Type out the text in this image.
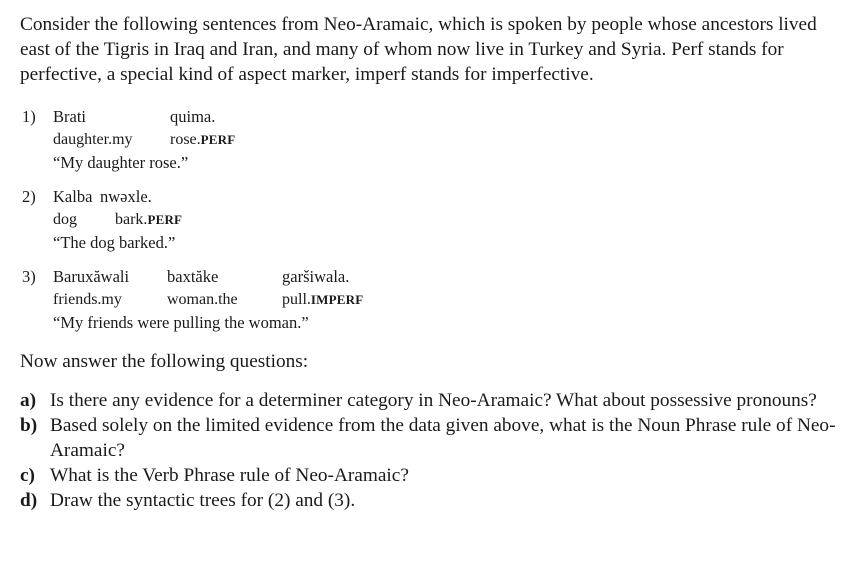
Consider the following sentences from Neo-Aramaic, which is spoken by people whose ancestors lived east of the Tigris in Iraq and Iran, and many of whom now live in Turkey and Syria. Perf stands for perfective, a special kind of aspect marker, imperf stands for imperfective.

1)	Brati	quima.
daughter.my rose.PERF
“My daughter rose.”
2)	Kalba nwəxle.
dog bark.PERF
“The dog barked.”
3)	Baruxăwali baxtăke	garšiwala.
friends.my	woman.the	pull.IMPERF
“My friends were pulling the woman.”
Now answer the following questions:
a) Is there any evidence for a determiner category in Neo-Aramaic? What about possessive pronouns?
b) Based solely on the limited evidence from the data given above, what is the Noun Phrase rule of Neo-Aramaic?
c) What is the Verb Phrase rule of Neo-Aramaic?
d) Draw the syntactic trees for (2) and (3).
